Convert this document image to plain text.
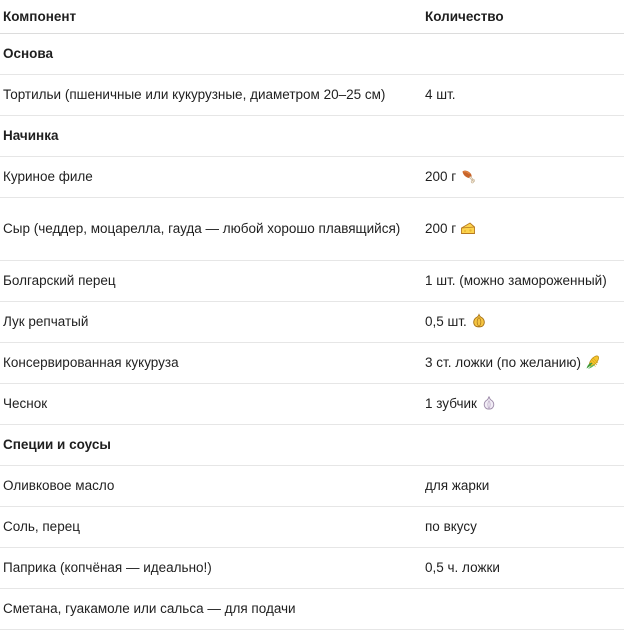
Компонент	Количество
Основа	
Тортильи (пшеничные или кукурузные, диаметром 20–25 см)	4 шт.
Начинка	
Куриное филе	200 г

Сыр (чеддер, моцарелла, гауда — любой хорошо плавящийся)	200 г

Болгарский перец	1 шт. (можно замороженный)
Лук репчатый	0,5 шт.

Консервированная кукуруза	3 ст. ложки (по желанию)

Чеснок	1 зубчик

Специи и соусы	
Оливковое масло	для жарки
Соль, перец	по вкусу
Паприка (копчёная — идеально!)	0,5 ч. ложки
Сметана, гуакамоле или сальса — для подачи	
